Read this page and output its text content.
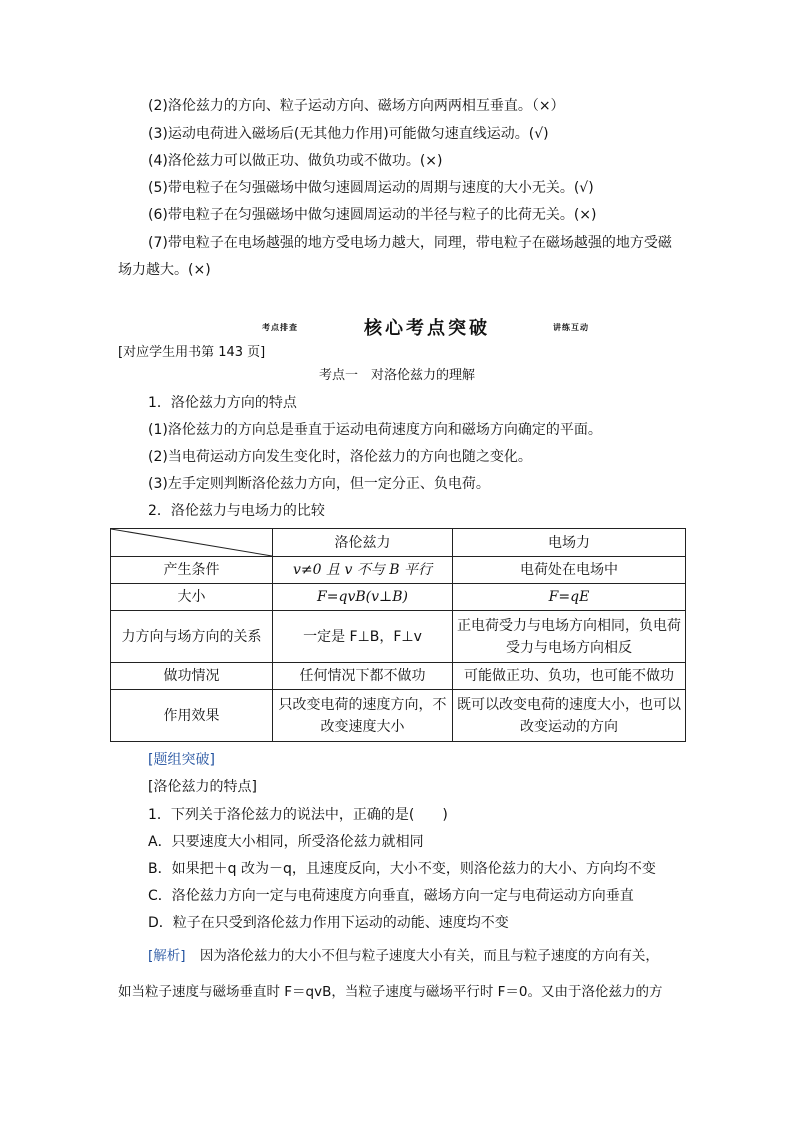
(2)洛伦兹力的方向、粒子运动方向、磁场方向两两相互垂直。（×）
(3)运动电荷进入磁场后(无其他力作用)可能做匀速直线运动。(√)
(4)洛伦兹力可以做正功、做负功或不做功。(×)
(5)带电粒子在匀强磁场中做匀速圆周运动的周期与速度的大小无关。(√)
(6)带电粒子在匀强磁场中做匀速圆周运动的半径与粒子的比荷无关。(×)
(7)带电粒子在电场越强的地方受电场力越大，同理，带电粒子在磁场越强的地方受磁
场力越大。(×)
考点排查	核心考点突破	讲练互动
[对应学生用书第 143 页]
考点一　对洛伦兹力的理解
1．洛伦兹力方向的特点
(1)洛伦兹力的方向总是垂直于运动电荷速度方向和磁场方向确定的平面。
(2)当电荷运动方向发生变化时，洛伦兹力的方向也随之变化。
(3)左手定则判断洛伦兹力方向，但一定分正、负电荷。
2．洛伦兹力与电场力的比较
	洛伦兹力	电场力
产生条件	v≠0 且 v 不与 B 平行	电荷处在电场中
大小	F=qvB(v⊥B)	F=qE
力方向与场方向的关系	一定是 F⊥B，F⊥v	正电荷受力与电场方向相同，负电荷受力与电场方向相反
做功情况	任何情况下都不做功	可能做正功、负功，也可能不做功
作用效果	只改变电荷的速度方向，不改变速度大小	既可以改变电荷的速度大小，也可以改变运动的方向
[题组突破]
[洛伦兹力的特点]
1．下列关于洛伦兹力的说法中，正确的是(　　)
A．只要速度大小相同，所受洛伦兹力就相同
B．如果把＋q 改为－q，且速度反向，大小不变，则洛伦兹力的大小、方向均不变
C．洛伦兹力方向一定与电荷速度方向垂直，磁场方向一定与电荷运动方向垂直
D．粒子在只受到洛伦兹力作用下运动的动能、速度均不变
[解析] 因为洛伦兹力的大小不但与粒子速度大小有关，而且与粒子速度的方向有关，
如当粒子速度与磁场垂直时 F＝qvB，当粒子速度与磁场平行时 F＝0。又由于洛伦兹力的方
